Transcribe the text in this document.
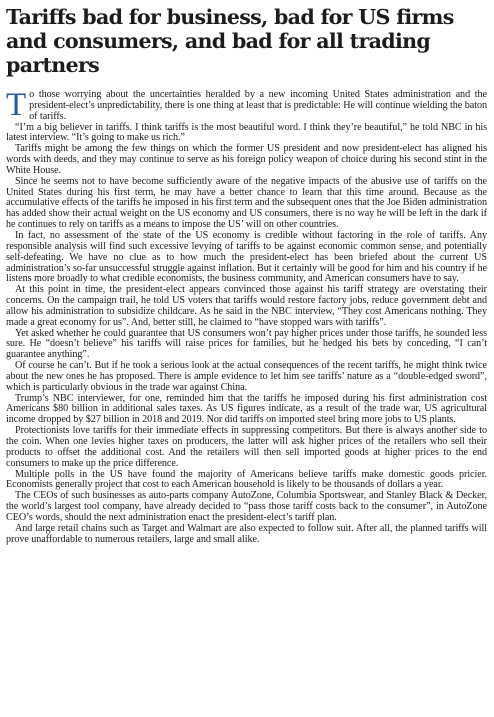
Tariffs bad for business, bad for US firms and consumers, and bad for all trading partners

To those worrying about the uncertainties heralded by a new incoming United States administration and the president-elect’s unpredictability, there is one thing at least that is predictable: He will continue wielding the baton of tariffs.

“I’m a big believer in tariffs. I think tariffs is the most beautiful word. I think they’re beautiful,” he told NBC in his latest interview. “It’s going to make us rich.”

Tariffs might be among the few things on which the former US president and now president-elect has aligned his words with deeds, and they may continue to serve as his foreign policy weapon of choice during his second stint in the White House.

Since he seems not to have become sufficiently aware of the negative impacts of the abusive use of tariffs on the United States during his first term, he may have a better chance to learn that this time around. Because as the accumulative effects of the tariffs he imposed in his first term and the subsequent ones that the Joe Biden administration has added show their actual weight on the US economy and US consumers, there is no way he will be left in the dark if he continues to rely on tariffs as a means to impose the US’ will on other countries.

In fact, no assessment of the state of the US economy is credible without factoring in the role of tariffs. Any responsible analysis will find such excessive levying of tariffs to be against economic common sense, and potentially self-defeating. We have no clue as to how much the president-elect has been briefed about the current US administration’s so-far unsuccessful struggle against inflation. But it certainly will be good for him and his country if he listens more broadly to what credible economists, the business community, and American consumers have to say.

At this point in time, the president-elect appears convinced those against his tariff strategy are overstating their concerns. On the campaign trail, he told US voters that tariffs would restore factory jobs, reduce government debt and allow his administration to subsidize childcare. As he said in the NBC interview, “They cost Americans nothing. They made a great economy for us”. And, better still, he claimed to “have stopped wars with tariffs”.

Yet asked whether he could guarantee that US consumers won’t pay higher prices under those tariffs, he sounded less sure. He “doesn’t believe” his tariffs will raise prices for families, but he hedged his bets by conceding, “I can’t guarantee anything”.

Of course he can’t. But if he took a serious look at the actual consequences of the recent tariffs, he might think twice about the new ones he has proposed. There is ample evidence to let him see tariffs’ nature as a “double-edged sword”, which is particularly obvious in the trade war against China.

Trump’s NBC interviewer, for one, reminded him that the tariffs he imposed during his first administration cost Americans $80 billion in additional sales taxes. As US figures indicate, as a result of the trade war, US agricultural income dropped by $27 billion in 2018 and 2019. Nor did tariffs on imported steel bring more jobs to US plants.

Protectionists love tariffs for their immediate effects in suppressing competitors. But there is always another side to the coin. When one levies higher taxes on producers, the latter will ask higher prices of the retailers who sell their products to offset the additional cost. And the retailers will then sell imported goods at higher prices to the end consumers to make up the price difference.

Multiple polls in the US have found the majority of Americans believe tariffs make domestic goods pricier. Economists generally project that cost to each American household is likely to be thousands of dollars a year.

The CEOs of such businesses as auto-parts company AutoZone, Columbia Sportswear, and Stanley Black & Decker, the world’s largest tool company, have already decided to “pass those tariff costs back to the consumer”, in AutoZone CEO’s words, should the next administration enact the president-elect’s tariff plan.

And large retail chains such as Target and Walmart are also expected to follow suit. After all, the planned tariffs will prove unaffordable to numerous retailers, large and small alike.
